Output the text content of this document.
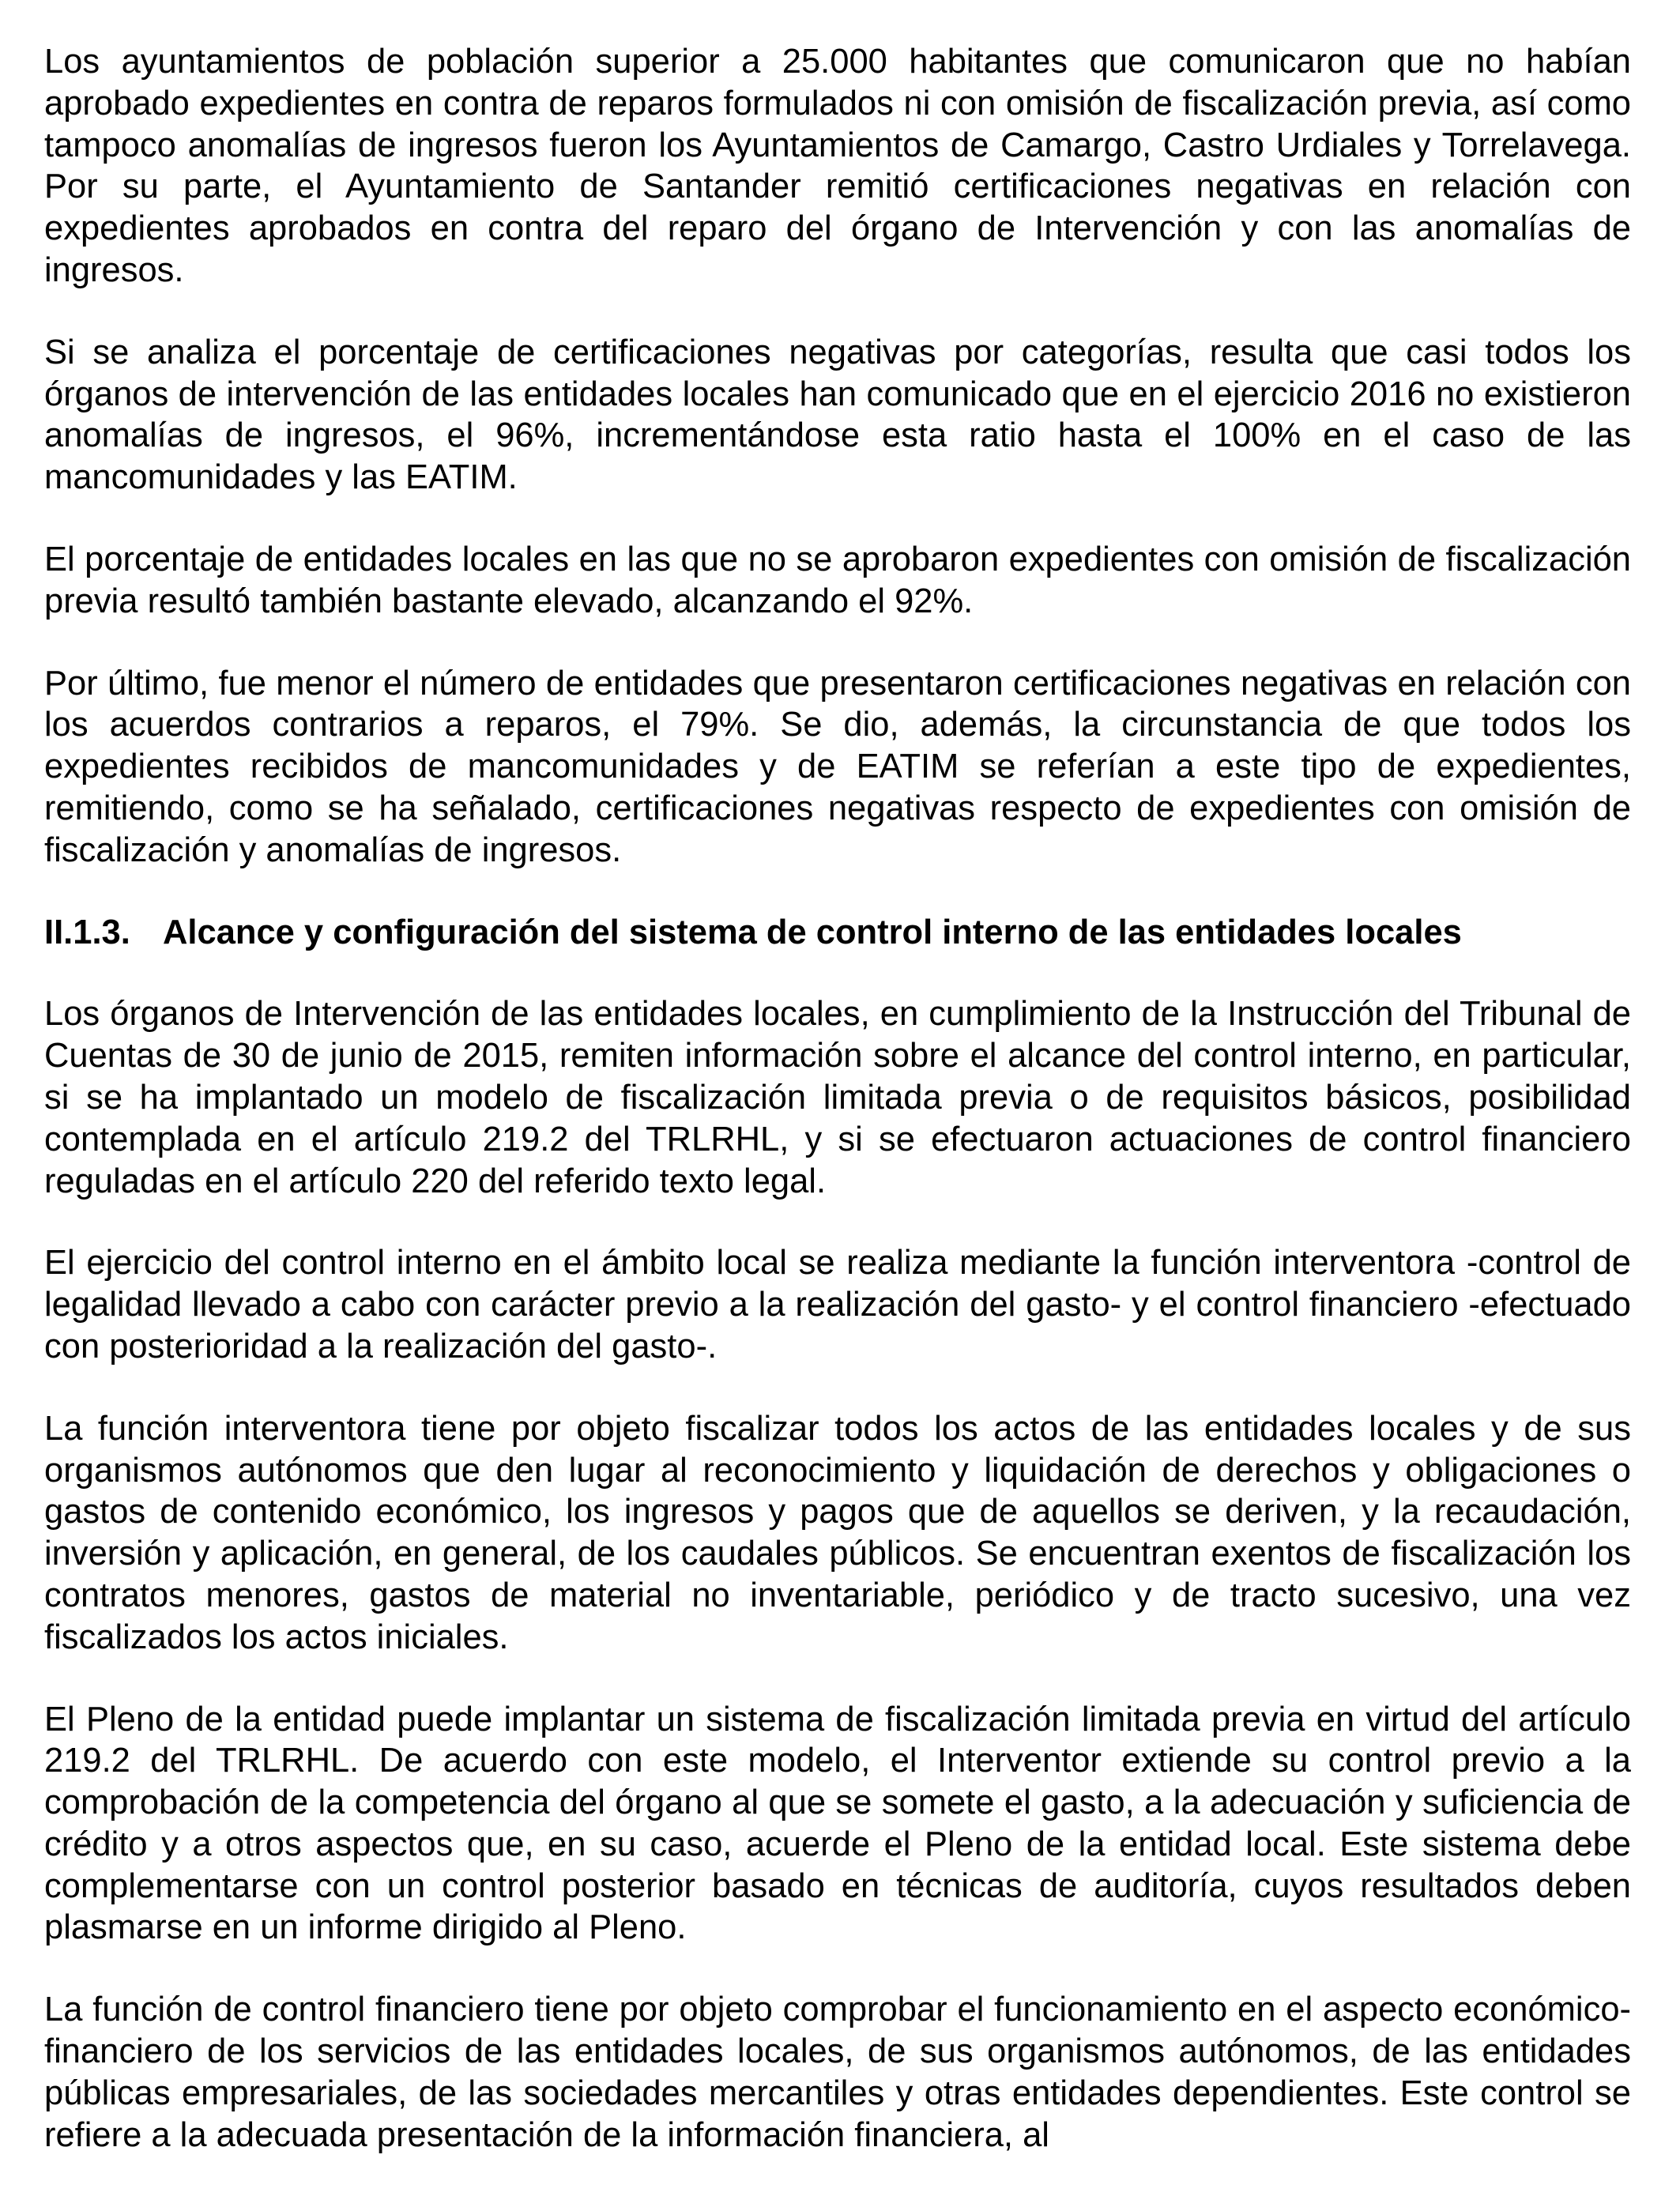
Los ayuntamientos de población superior a 25.000 habitantes que comunicaron que no habían aprobado expedientes en contra de reparos formulados ni con omisión de fiscalización previa, así como tampoco anomalías de ingresos fueron los Ayuntamientos de Camargo, Castro Urdiales y Torrelavega. Por su parte, el Ayuntamiento de Santander remitió certificaciones negativas en relación con expedientes aprobados en contra del reparo del órgano de Intervención y con las anomalías de ingresos.

Si se analiza el porcentaje de certificaciones negativas por categorías, resulta que casi todos los órganos de intervención de las entidades locales han comunicado que en el ejercicio 2016 no existieron anomalías de ingresos, el 96%, incrementándose esta ratio hasta el 100% en el caso de las mancomunidades y las EATIM.

El porcentaje de entidades locales en las que no se aprobaron expedientes con omisión de fiscalización previa resultó también bastante elevado, alcanzando el 92%.

Por último, fue menor el número de entidades que presentaron certificaciones negativas en relación con los acuerdos contrarios a reparos, el 79%. Se dio, además, la circunstancia de que todos los expedientes recibidos de mancomunidades y de EATIM se referían a este tipo de expedientes, remitiendo, como se ha señalado, certificaciones negativas respecto de expedientes con omisión de fiscalización y anomalías de ingresos.

II.1.3. Alcance y configuración del sistema de control interno de las entidades locales

Los órganos de Intervención de las entidades locales, en cumplimiento de la Instrucción del Tribunal de Cuentas de 30 de junio de 2015, remiten información sobre el alcance del control interno, en particular, si se ha implantado un modelo de fiscalización limitada previa o de requisitos básicos, posibilidad contemplada en el artículo 219.2 del TRLRHL, y si se efectuaron actuaciones de control financiero reguladas en el artículo 220 del referido texto legal.

El ejercicio del control interno en el ámbito local se realiza mediante la función interventora -control de legalidad llevado a cabo con carácter previo a la realización del gasto- y el control financiero -efectuado con posterioridad a la realización del gasto-.

La función interventora tiene por objeto fiscalizar todos los actos de las entidades locales y de sus organismos autónomos que den lugar al reconocimiento y liquidación de derechos y obligaciones o gastos de contenido económico, los ingresos y pagos que de aquellos se deriven, y la recaudación, inversión y aplicación, en general, de los caudales públicos. Se encuentran exentos de fiscalización los contratos menores, gastos de material no inventariable, periódico y de tracto sucesivo, una vez fiscalizados los actos iniciales.

El Pleno de la entidad puede implantar un sistema de fiscalización limitada previa en virtud del artículo 219.2 del TRLRHL. De acuerdo con este modelo, el Interventor extiende su control previo a la comprobación de la competencia del órgano al que se somete el gasto, a la adecuación y suficiencia de crédito y a otros aspectos que, en su caso, acuerde el Pleno de la entidad local. Este sistema debe complementarse con un control posterior basado en técnicas de auditoría, cuyos resultados deben plasmarse en un informe dirigido al Pleno.

La función de control financiero tiene por objeto comprobar el funcionamiento en el aspecto económico-financiero de los servicios de las entidades locales, de sus organismos autónomos, de las entidades públicas empresariales, de las sociedades mercantiles y otras entidades dependientes. Este control se refiere a la adecuada presentación de la información financiera, al
